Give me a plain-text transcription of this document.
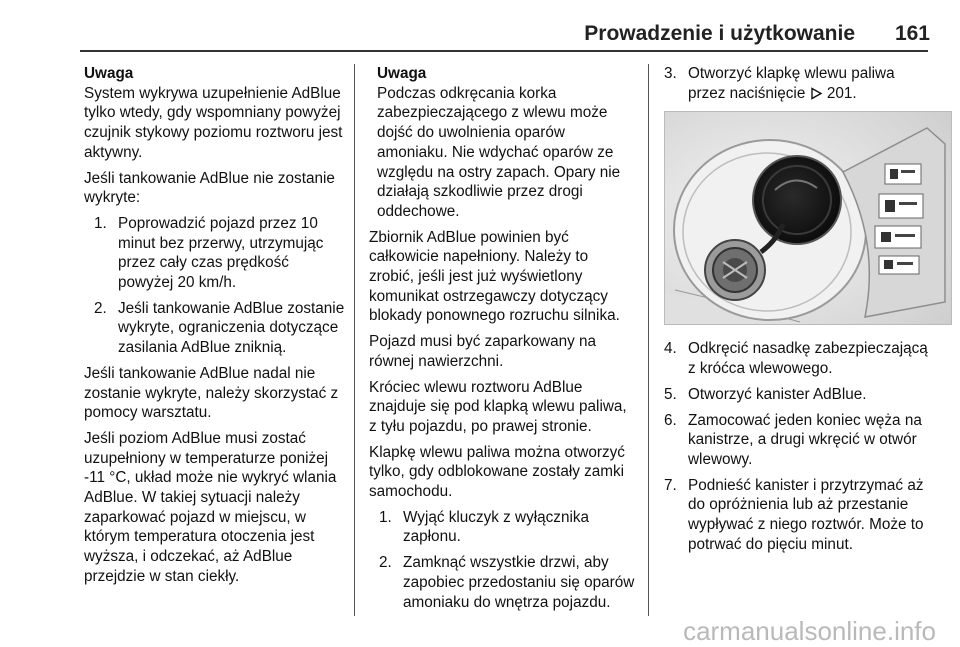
Prowadzenie i użytkowanie	161
Uwaga

System wykrywa uzupełnienie AdBlue tylko wtedy, gdy wspomniany powyżej czujnik stykowy poziomu roztworu jest aktywny.

Jeśli tankowanie AdBlue nie zostanie wykryte:

1. Poprowadzić pojazd przez 10 minut bez przerwy, utrzymując przez cały czas prędkość powyżej 20 km/h.
2. Jeśli tankowanie AdBlue zostanie wykryte, ograniczenia dotyczące zasilania AdBlue zniknią.

Jeśli tankowanie AdBlue nadal nie zostanie wykryte, należy skorzystać z pomocy warsztatu.

Jeśli poziom AdBlue musi zostać uzupełniony w temperaturze poniżej -11 °C, układ może nie wykryć wlania AdBlue. W takiej sytuacji należy zaparkować pojazd w miejscu, w którym temperatura otoczenia jest wyższa, i odczekać, aż AdBlue przejdzie w stan ciekły.

Uwaga

Podczas odkręcania korka zabezpieczającego z wlewu może dojść do uwolnienia oparów amoniaku. Nie wdychać oparów ze względu na ostry zapach. Opary nie działają szkodliwie przez drogi oddechowe.

Zbiornik AdBlue powinien być całkowicie napełniony. Należy to zrobić, jeśli jest już wyświetlony komunikat ostrzegawczy dotyczący blokady ponownego rozruchu silnika.

Pojazd musi być zaparkowany na równej nawierzchni.

Króciec wlewu roztworu AdBlue znajduje się pod klapką wlewu paliwa, z tyłu pojazdu, po prawej stronie.

Klapkę wlewu paliwa można otworzyć tylko, gdy odblokowane zostały zamki samochodu.

1. Wyjąć kluczyk z wyłącznika zapłonu.
2. Zamknąć wszystkie drzwi, aby zapobiec przedostaniu się oparów amoniaku do wnętrza pojazdu.
3. Otworzyć klapkę wlewu paliwa przez naciśnięcie 201.
4. Odkręcić nasadkę zabezpieczającą z króćca wlewowego.
5. Otworzyć kanister AdBlue.
6. Zamocować jeden koniec węża na kanistrze, a drugi wkręcić w otwór wlewowy.
7. Podnieść kanister i przytrzymać aż do opróżnienia lub aż przestanie wypływać z niego roztwór. Może to potrwać do pięciu minut.
carmanualsonline.info
